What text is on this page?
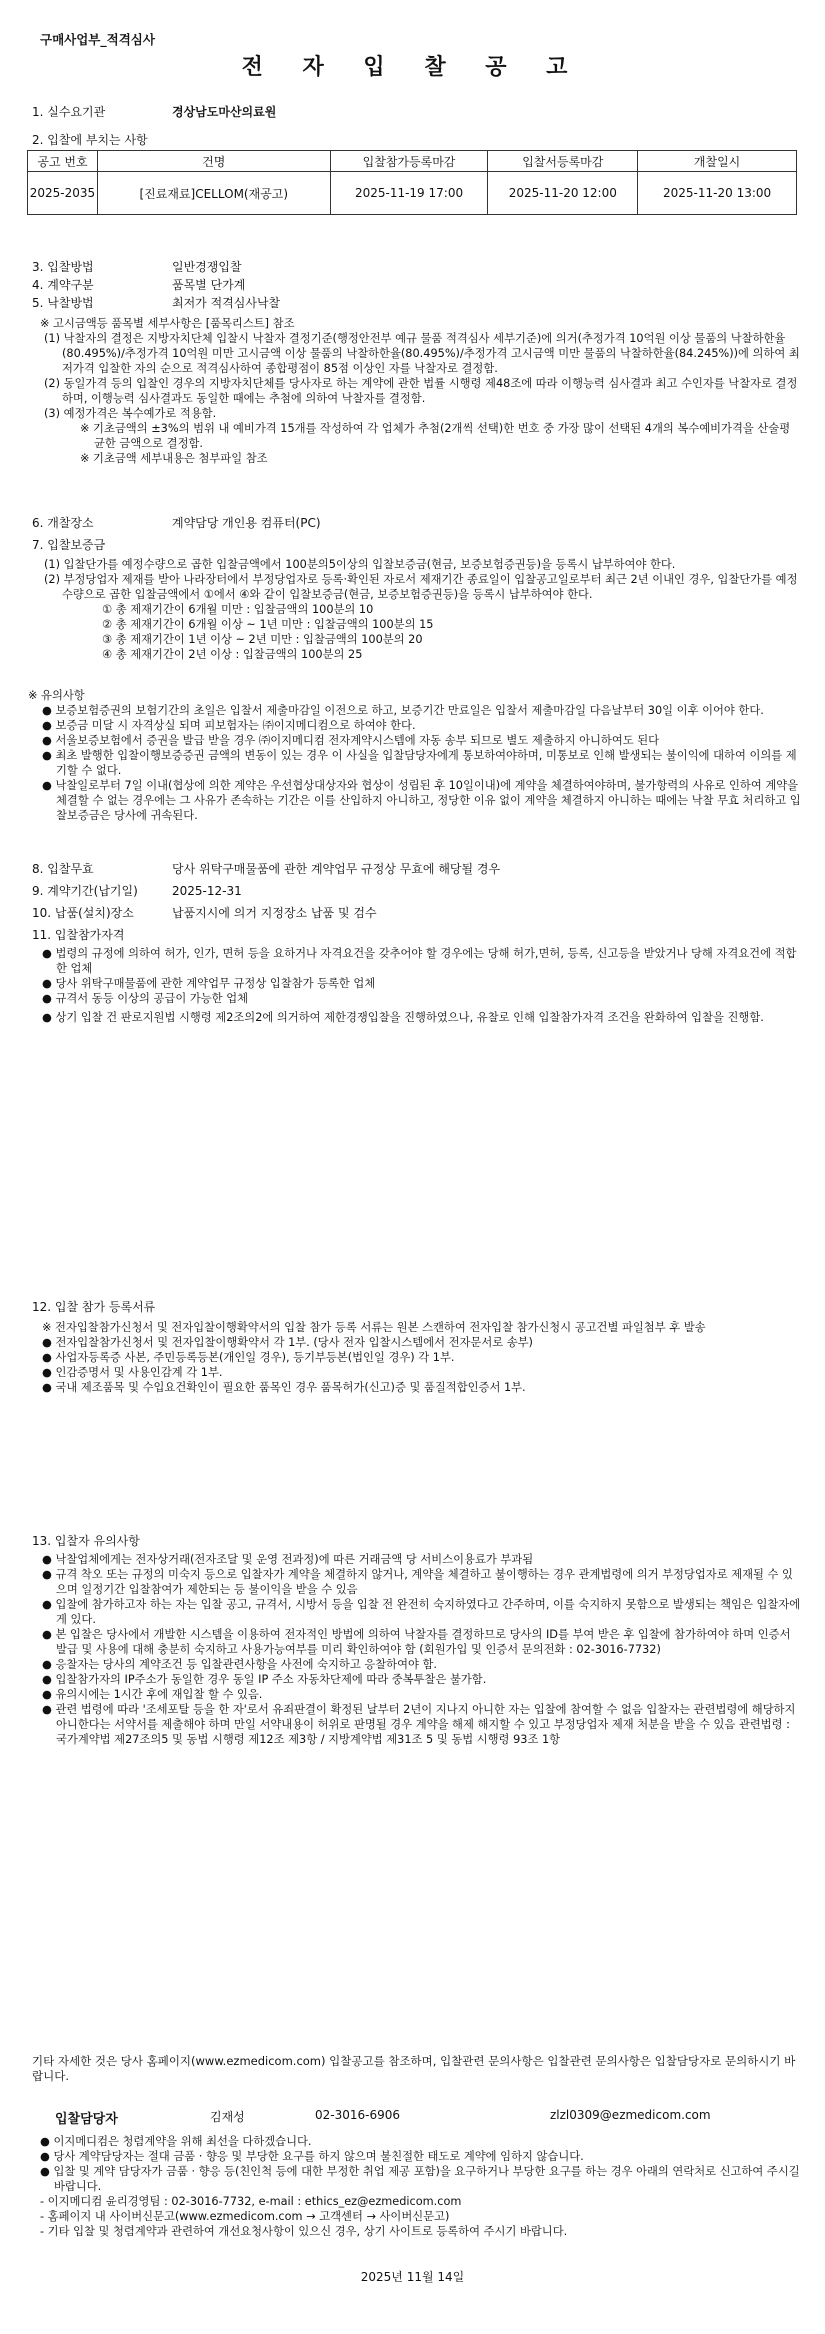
구매사업부_적격심사
전 자 입 찰 공 고
1. 실수요기관	경상남도마산의료원
2. 입찰에 부치는 사항
공고 번호	건명	입찰참가등록마감	입찰서등록마감	개찰일시
2025-2035	[진료재료]CELLOM(재공고)	2025-11-19 17:00	2025-11-20 12:00	2025-11-20 13:00
3. 입찰방법	일반경쟁입찰
4. 계약구분	품목별 단가계
5. 낙찰방법	최저가 적격심사낙찰

※ 고시금액등 품목별 세부사항은 [품목리스트] 참조

(1) 낙찰자의 결정은 지방자치단체 입찰시 낙찰자 결정기준(행정안전부 예규 물품 적격심사 세부기준)에 의거(추정가격 10억원 이상 물품의 낙찰하한율(80.495%)/추정가격 10억원 미만 고시금액 이상 물품의 낙찰하한율(80.495%)/추정가격 고시금액 미만 물품의 낙찰하한율(84.245%))에 의하여 최저가격 입찰한 자의 순으로 적격심사하여 종합평점이 85점 이상인 자를 낙찰자로 결정함.

(2) 동일가격 등의 입찰인 경우의 지방자치단체를 당사자로 하는 계약에 관한 법률 시행령 제48조에 따라 이행능력 심사결과 최고 수인자를 낙찰자로 결정하며, 이행능력 심사결과도 동일한 때에는 추첨에 의하여 낙찰자를 결정함.

(3) 예정가격은 복수예가로 적용함.

※ 기초금액의 ±3%의 범위 내 예비가격 15개를 작성하여 각 업체가 추첨(2개씩 선택)한 번호 중 가장 많이 선택된 4개의 복수예비가격을 산술평균한 금액으로 결정함.

※ 기초금액 세부내용은 첨부파일 참조

6. 개찰장소	계약담당 개인용 컴퓨터(PC)
7. 입찰보증금

(1) 입찰단가를 예정수량으로 곱한 입찰금액에서 100분의5이상의 입찰보증금(현금, 보증보험증권등)을 등록시 납부하여야 한다.

(2) 부정당업자 제재를 받아 나라장터에서 부정당업자로 등록·확인된 자로서 제재기간 종료일이 입찰공고일로부터 최근 2년 이내인 경우, 입찰단가를 예정수량으로 곱한 입찰금액에서 ①에서 ④와 같이 입찰보증금(현금, 보증보험증권등)을 등록시 납부하여야 한다.

① 총 제재기간이 6개월 미만 : 입찰금액의 100분의 10

② 총 제재기간이 6개월 이상 ~ 1년 미만 : 입찰금액의 100분의 15

③ 총 제재기간이 1년 이상 ~ 2년 미만 : 입찰금액의 100분의 20

④ 총 제재기간이 2년 이상 : 입찰금액의 100분의 25

※ 유의사항

● 보증보험증권의 보험기간의 초일은 입찰서 제출마감일 이전으로 하고, 보증기간 만료일은 입찰서 제출마감일 다음날부터 30일 이후 이어야 한다.

● 보증금 미달 시 자격상실 되며 피보험자는 ㈜이지메디컴으로 하여야 한다.

● 서울보증보험에서 증권을 발급 받을 경우 ㈜이지메디컴 전자계약시스템에 자동 송부 되므로 별도 제출하지 아니하여도 된다

● 최초 발행한 입찰이행보증증권 금액의 변동이 있는 경우 이 사실을 입찰담당자에게 통보하여야하며, 미통보로 인해 발생되는 불이익에 대하여 이의를 제기할 수 없다.

● 낙찰일로부터 7일 이내(협상에 의한 계약은 우선협상대상자와 협상이 성립된 후 10일이내)에 계약을 체결하여야하며, 불가항력의 사유로 인하여 계약을 체결할 수 없는 경우에는 그 사유가 존속하는 기간은 이를 산입하지 아니하고, 정당한 이유 없이 계약을 체결하지 아니하는 때에는 낙찰 무효 처리하고 입찰보증금은 당사에 귀속된다.

8. 입찰무효	당사 위탁구매물품에 관한 계약업무 규정상 무효에 해당될 경우
9. 계약기간(납기일)	2025-12-31
10. 납품(설치)장소	납품지시에 의거 지정장소 납품 및 검수
11. 입찰참가자격

● 법령의 규정에 의하여 허가, 인가, 면허 등을 요하거나 자격요건을 갖추어야 할 경우에는 당해 허가,면허, 등록, 신고등을 받았거나 당해 자격요건에 적합한 업체

● 당사 위탁구매물품에 관한 계약업무 규정상 입찰참가 등록한 업체

● 규격서 동등 이상의 공급이 가능한 업체

● 상기 입찰 건 판로지원법 시행령 제2조의2에 의거하여 제한경쟁입찰을 진행하였으나, 유찰로 인해 입찰참가자격 조건을 완화하여 입찰을 진행함.

12. 입찰 참가 등록서류

※ 전자입찰참가신청서 및 전자입찰이행확약서의 입찰 참가 등록 서류는 원본 스캔하여 전자입찰 참가신청시 공고건별 파일첨부 후 발송

● 전자입찰참가신청서 및 전자입찰이행확약서 각 1부. (당사 전자 입찰시스템에서 전자문서로 송부)

● 사업자등록증 사본, 주민등록등본(개인일 경우), 등기부등본(법인일 경우) 각 1부.

● 인감증명서 및 사용인감계 각 1부.

● 국내 제조품목 및 수입요건확인이 필요한 품목인 경우 품목허가(신고)증 및 품질적합인증서 1부.

13. 입찰자 유의사항

● 낙찰업체에게는 전자상거래(전자조달 및 운영 전과정)에 따른 거래금액 당 서비스이용료가 부과됨

● 규격 착오 또는 규정의 미숙지 등으로 입찰자가 계약을 체결하지 않거나, 계약을 체결하고 불이행하는 경우 관계법령에 의거 부정당업자로 제재될 수 있으며 일정기간 입찰참여가 제한되는 등 불이익을 받을 수 있음

● 입찰에 참가하고자 하는 자는 입찰 공고, 규격서, 시방서 등을 입찰 전 완전히 숙지하였다고 간주하며, 이를 숙지하지 못함으로 발생되는 책임은 입찰자에게 있다.

● 본 입찰은 당사에서 개발한 시스템을 이용하여 전자적인 방법에 의하여 낙찰자를 결정하므로 당사의 ID를 부여 받은 후 입찰에 참가하여야 하며 인증서 발급 및 사용에 대해 충분히 숙지하고 사용가능여부를 미리 확인하여야 함 (회원가입 및 인증서 문의전화 : 02-3016-7732)

● 응찰자는 당사의 계약조건 등 입찰관련사항을 사전에 숙지하고 응찰하여야 함.

● 입찰참가자의 IP주소가 동일한 경우 동일 IP 주소 자동차단제에 따라 중복투찰은 불가함.

● 유의시에는 1시간 후에 재입찰 할 수 있음.

● 관련 법령에 따라 '조세포탈 등을 한 자'로서 유죄판결이 확정된 날부터 2년이 지나지 아니한 자는 입찰에 참여할 수 없음 입찰자는 관련법령에 해당하지 아니한다는 서약서를 제출해야 하며 만일 서약내용이 허위로 판명될 경우 계약을 해제 해지할 수 있고 부정당업자 제재 처분을 받을 수 있음 관련법령 : 국가계약법 제27조의5 및 동법 시행령 제12조 제3항 / 지방계약법 제31조 5 및 동법 시행령 93조 1항

기타 자세한 것은 당사 홈페이지(www.ezmedicom.com) 입찰공고를 참조하며, 입찰관련 문의사항은 입찰관련 문의사항은 입찰담당자로 문의하시기 바랍니다.
입찰담당자	김재성	02-3016-6906	zlzl0309@ezmedicom.com

● 이지메디컴은 청렴계약을 위해 최선을 다하겠습니다.

● 당사 계약담당자는 절대 금품 · 향응 및 부당한 요구를 하지 않으며 불친절한 태도로 계약에 임하지 않습니다.

● 입찰 및 계약 담당자가 금품 · 향응 등(친인척 등에 대한 부정한 취업 제공 포함)을 요구하거나 부당한 요구를 하는 경우 아래의 연락처로 신고하여 주시길 바랍니다.

- 이지메디컴 윤리경영팀 : 02-3016-7732, e-mail : ethics_ez@ezmedicom.com

- 홈페이지 내 사이버신문고(www.ezmedicom.com → 고객센터 → 사이버신문고)

- 기타 입찰 및 청렴계약과 관련하여 개선요청사항이 있으신 경우, 상기 사이트로 등록하여 주시기 바랍니다.

2025년 11월 14일
